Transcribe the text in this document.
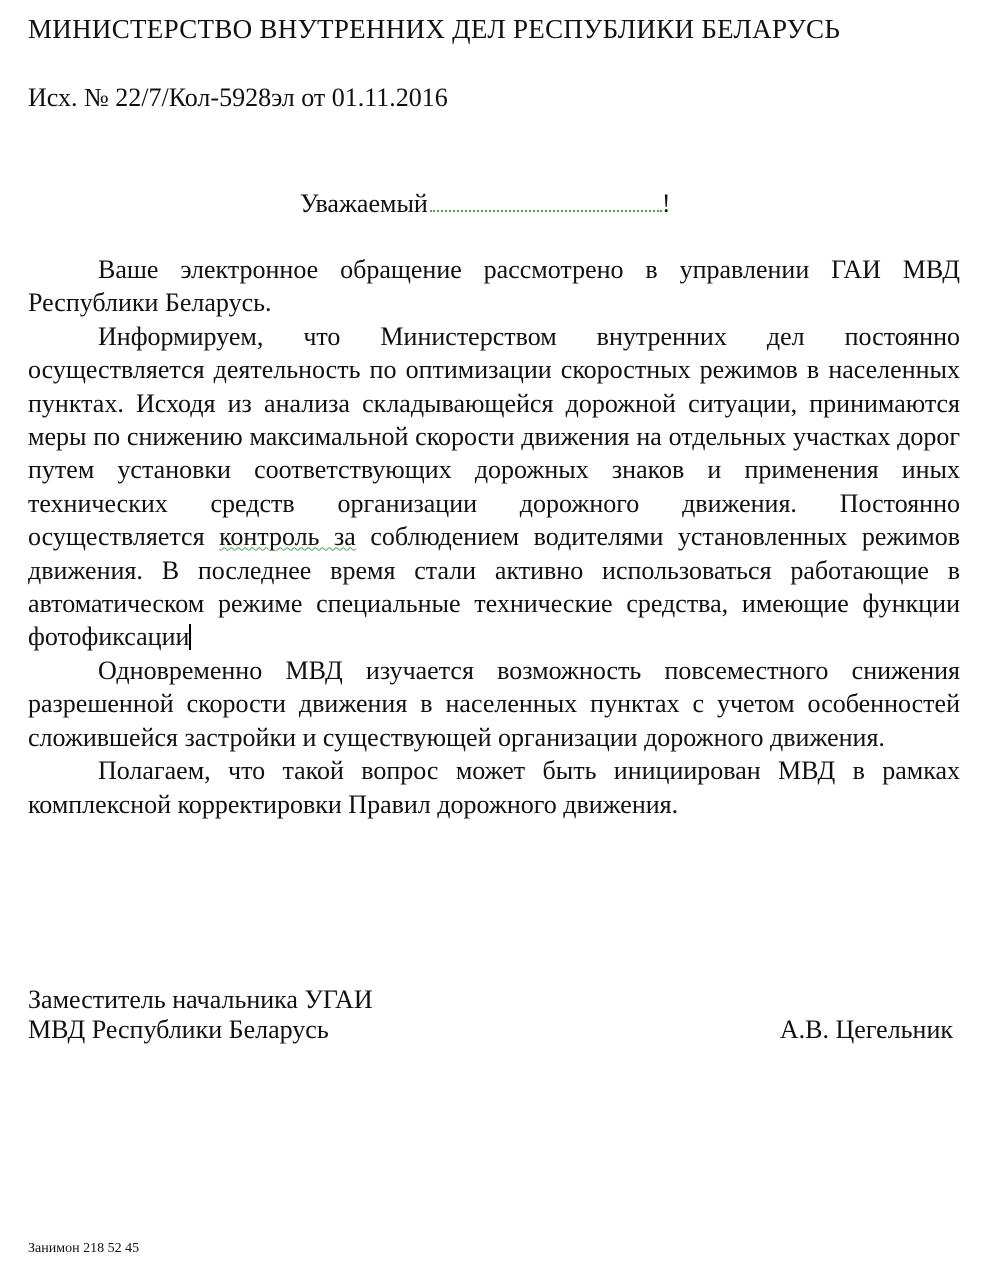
МИНИСТЕРСТВО ВНУТРЕННИХ ДЕЛ РЕСПУБЛИКИ БЕЛАРУСЬ
Исх. № 22/7/Кол-5928эл от 01.11.2016
Уважаемый	!

Ваше электронное обращение рассмотрено в управлении ГАИ МВД Республики Беларусь.

Информируем, что Министерством внутренних дел постоянно осуществляется деятельность по оптимизации скоростных режимов в населенных пунктах. Исходя из анализа складывающейся дорожной ситуации, принимаются меры по снижению максимальной скорости движения на отдельных участках дорог путем установки соответствующих дорожных знаков и применения иных технических средств организации дорожного движения. Постоянно осуществляется контроль за соблюдением водителями установленных режимов движения. В последнее время стали активно использоваться работающие в автоматическом режиме специальные технические средства, имеющие функции фотофиксации

Одновременно МВД изучается возможность повсеместного снижения разрешенной скорости движения в населенных пунктах с учетом особенностей сложившейся застройки и существующей организации дорожного движения.

Полагаем, что такой вопрос может быть инициирован МВД в рамках комплексной корректировки Правил дорожного движения.

Заместитель начальника УГАИ
МВД Республики Беларусь	А.В. Цегельник
Занимон 218 52 45
